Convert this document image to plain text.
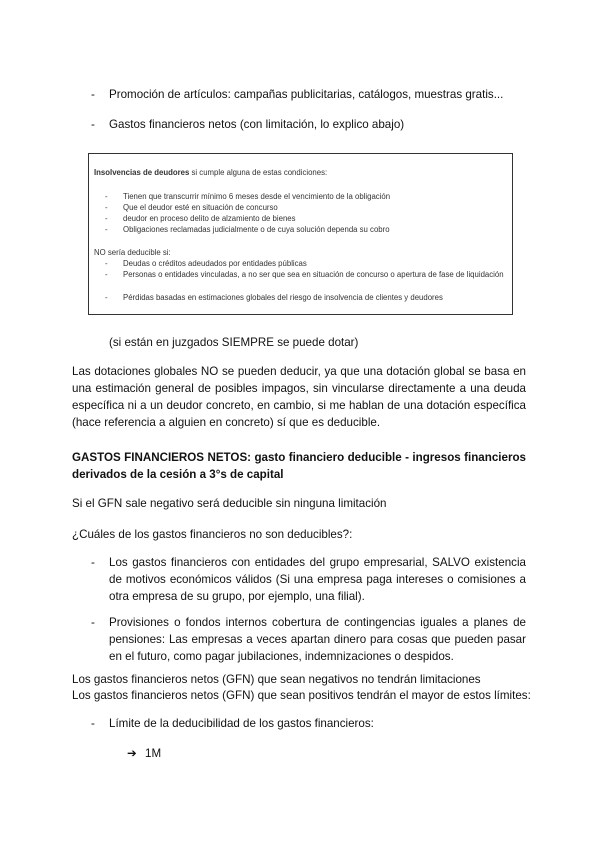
- Promoción de artículos: campañas publicitarias, catálogos, muestras gratis...
- Gastos financieros netos (con limitación, lo explico abajo)
Insolvencias de deudores si cumple alguna de estas condiciones:
- Tienen que transcurrir mínimo 6 meses desde el vencimiento de la obligación
- Que el deudor esté en situación de concurso
- deudor en proceso delito de alzamiento de bienes
- Obligaciones reclamadas judicialmente o de cuya solución dependa su cobro
NO sería deducible si:
- Deudas o créditos adeudados por entidades públicas
- Personas o entidades vinculadas, a no ser que sea en situación de concurso o apertura de fase de liquidación
- Pérdidas basadas en estimaciones globales del riesgo de insolvencia de clientes y deudores
(si están en juzgados SIEMPRE se puede dotar)
Las dotaciones globales NO se pueden deducir, ya que una dotación global se basa en una estimación general de posibles impagos, sin vincularse directamente a una deuda específica ni a un deudor concreto, en cambio, si me hablan de una dotación específica (hace referencia a alguien en concreto) sí que es deducible.
GASTOS FINANCIEROS NETOS: gasto financiero deducible - ingresos financieros derivados de la cesión a 3°s de capital
Si el GFN sale negativo será deducible sin ninguna limitación
¿Cuáles de los gastos financieros no son deducibles?:
- Los gastos financieros con entidades del grupo empresarial, SALVO existencia de motivos económicos válidos (Si una empresa paga intereses o comisiones a otra empresa de su grupo, por ejemplo, una filial).
- Provisiones o fondos internos cobertura de contingencias iguales a planes de pensiones: Las empresas a veces apartan dinero para cosas que pueden pasar en el futuro, como pagar jubilaciones, indemnizaciones o despidos.
Los gastos financieros netos (GFN) que sean negativos no tendrán limitaciones
Los gastos financieros netos (GFN) que sean positivos tendrán el mayor de estos límites:
- Límite de la deducibilidad de los gastos financieros:
➔ 1M
